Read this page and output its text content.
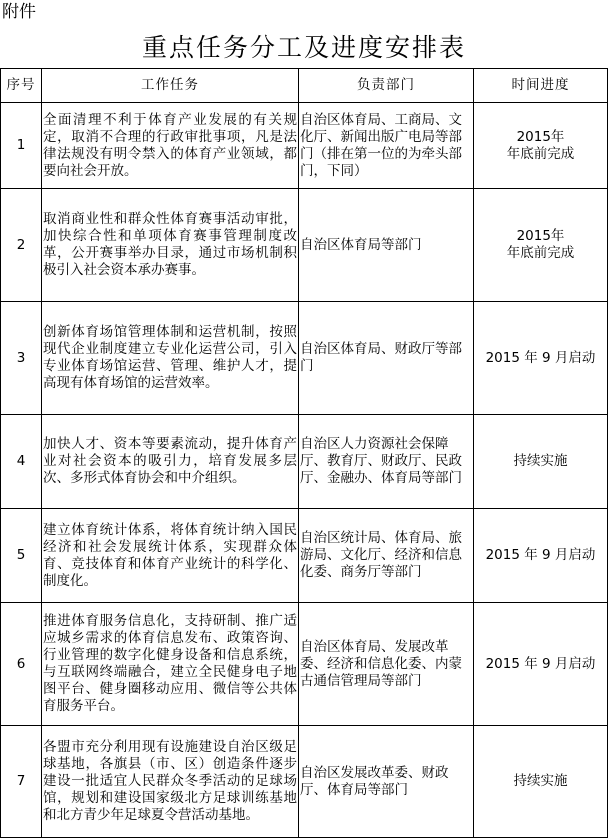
附件
重点任务分工及进度安排表
序号	工作任务	负责部门	时间进度
1	全面清理不利于体育产业发展的有关规定，取消不合理的行政审批事项，凡是法律法规没有明令禁入的体育产业领域，都要向社会开放。	自治区体育局、工商局、文化厅、新闻出版广电局等部门（排在第一位的为牵头部门，下同）	2015年
年底前完成

2	取消商业性和群众性体育赛事活动审批，加快综合性和单项体育赛事管理制度改革，公开赛事举办目录，通过市场机制积极引入社会资本承办赛事。	自治区体育局等部门	2015年
年底前完成

3	创新体育场馆管理体制和运营机制，按照现代企业制度建立专业化运营公司，引入专业体育场馆运营、管理、维护人才，提高现有体育场馆的运营效率。	自治区体育局、财政厅等部门	2015 年 9 月启动
4	加快人才、资本等要素流动，提升体育产业对社会资本的吸引力，培育发展多层次、多形式体育协会和中介组织。	自治区人力资源社会保障厅、教育厅、财政厅、民政厅、金融办、体育局等部门	持续实施
5	建立体育统计体系，将体育统计纳入国民经济和社会发展统计体系，实现群众体育、竞技体育和体育产业统计的科学化、制度化。	自治区统计局、体育局、旅游局、文化厅、经济和信息化委、商务厅等部门	2015 年 9 月启动
6	推进体育服务信息化，支持研制、推广适应城乡需求的体育信息发布、政策咨询、行业管理的数字化健身设备和信息系统，与互联网终端融合，建立全民健身电子地图平台、健身圈移动应用、微信等公共体育服务平台。	自治区体育局、发展改革委、经济和信息化委、内蒙古通信管理局等部门	2015 年 9 月启动
7	各盟市充分利用现有设施建设自治区级足球基地，各旗县（市、区）创造条件逐步建设一批适宜人民群众冬季活动的足球场馆，规划和建设国家级北方足球训练基地和北方青少年足球夏令营活动基地。	自治区发展改革委、财政厅、体育局等部门	持续实施
